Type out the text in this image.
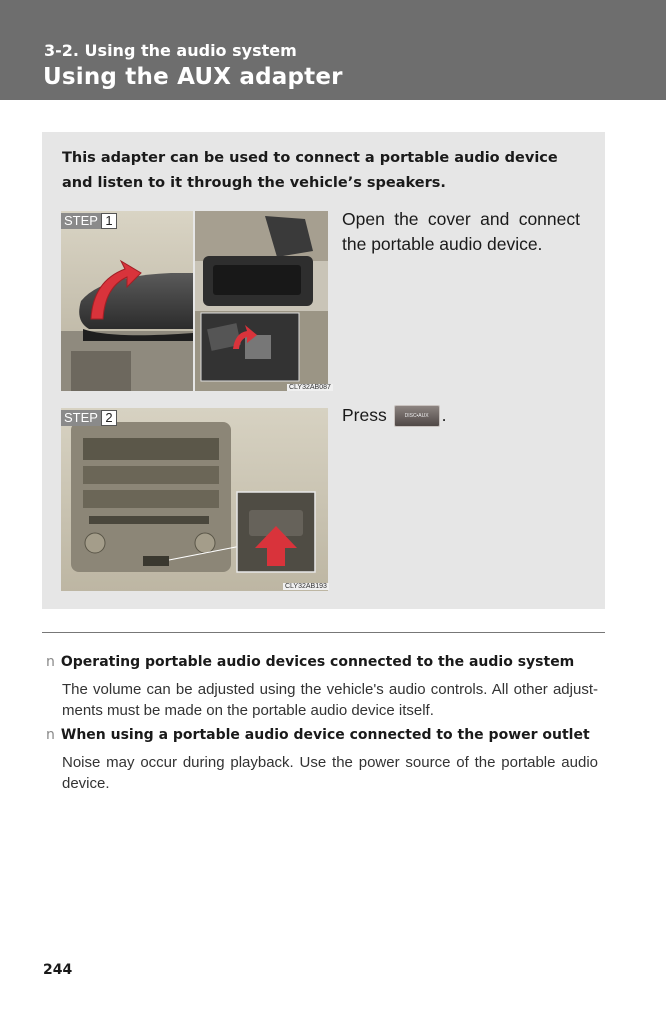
3-2. Using the audio system
Using the AUX adapter
This adapter can be used to connect a portable audio device and listen to it through the vehicle’s speakers.
CLY32AB087
STEP 1	Open the cover and connect the portable audio device.
CLY32AB193
STEP 2	Press	DISC•AUX .
n Operating portable audio devices connected to the audio system
The volume can be adjusted using the vehicle's audio controls. All other adjust-ments must be made on the portable audio device itself.
n When using a portable audio device connected to the power outlet
Noise may occur during playback. Use the power source of the portable audio device.
244
